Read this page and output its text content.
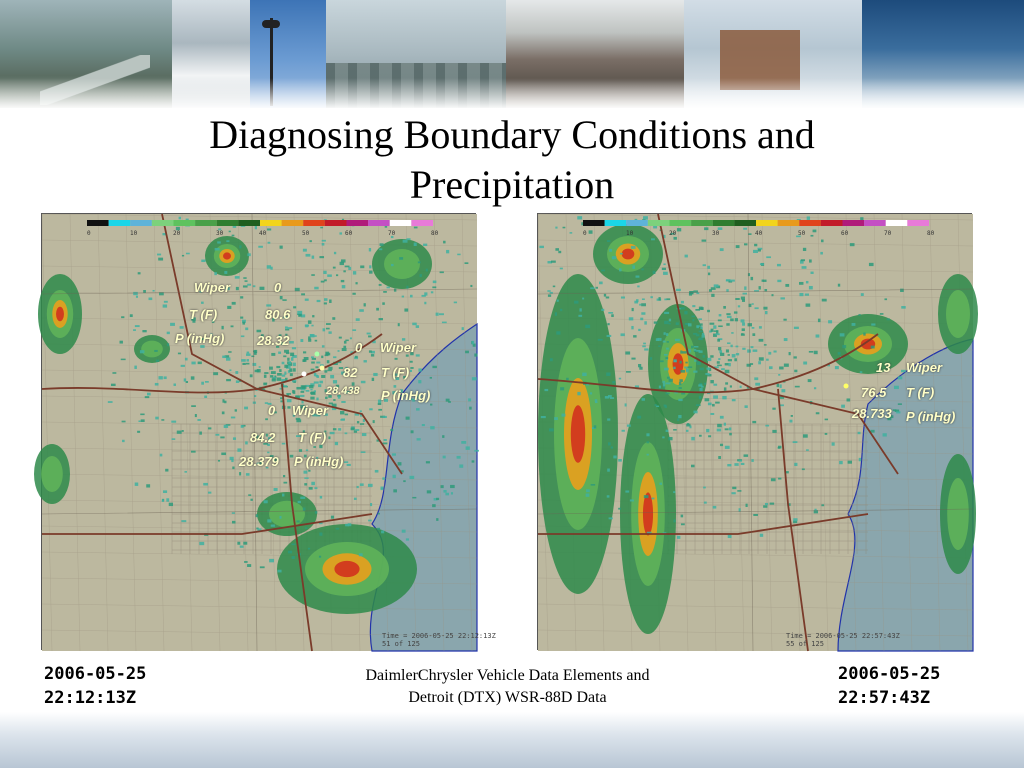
Diagnosing Boundary Conditions and Precipitation
0	10	20	30	40	50	60	70	80
Wiper	0
T (F)	80.6
P (inHg)	28.32	0 Wiper
82 T (F)
28.438 P (inHg)
0 Wiper
84.2 T (F)
28.379 P (inHg)
Time = 2006-05-25 22:12:13Z
51 of 125
0	10	20	30	40	50	60	70	80
13 Wiper
76.5 T (F)
28.733 P (inHg)
Time = 2006-05-25 22:57:43Z
55 of 125
2006-05-25
22:12:13Z
2006-05-25
22:57:43Z
DaimlerChrysler Vehicle Data Elements and
Detroit (DTX) WSR-88D Data
